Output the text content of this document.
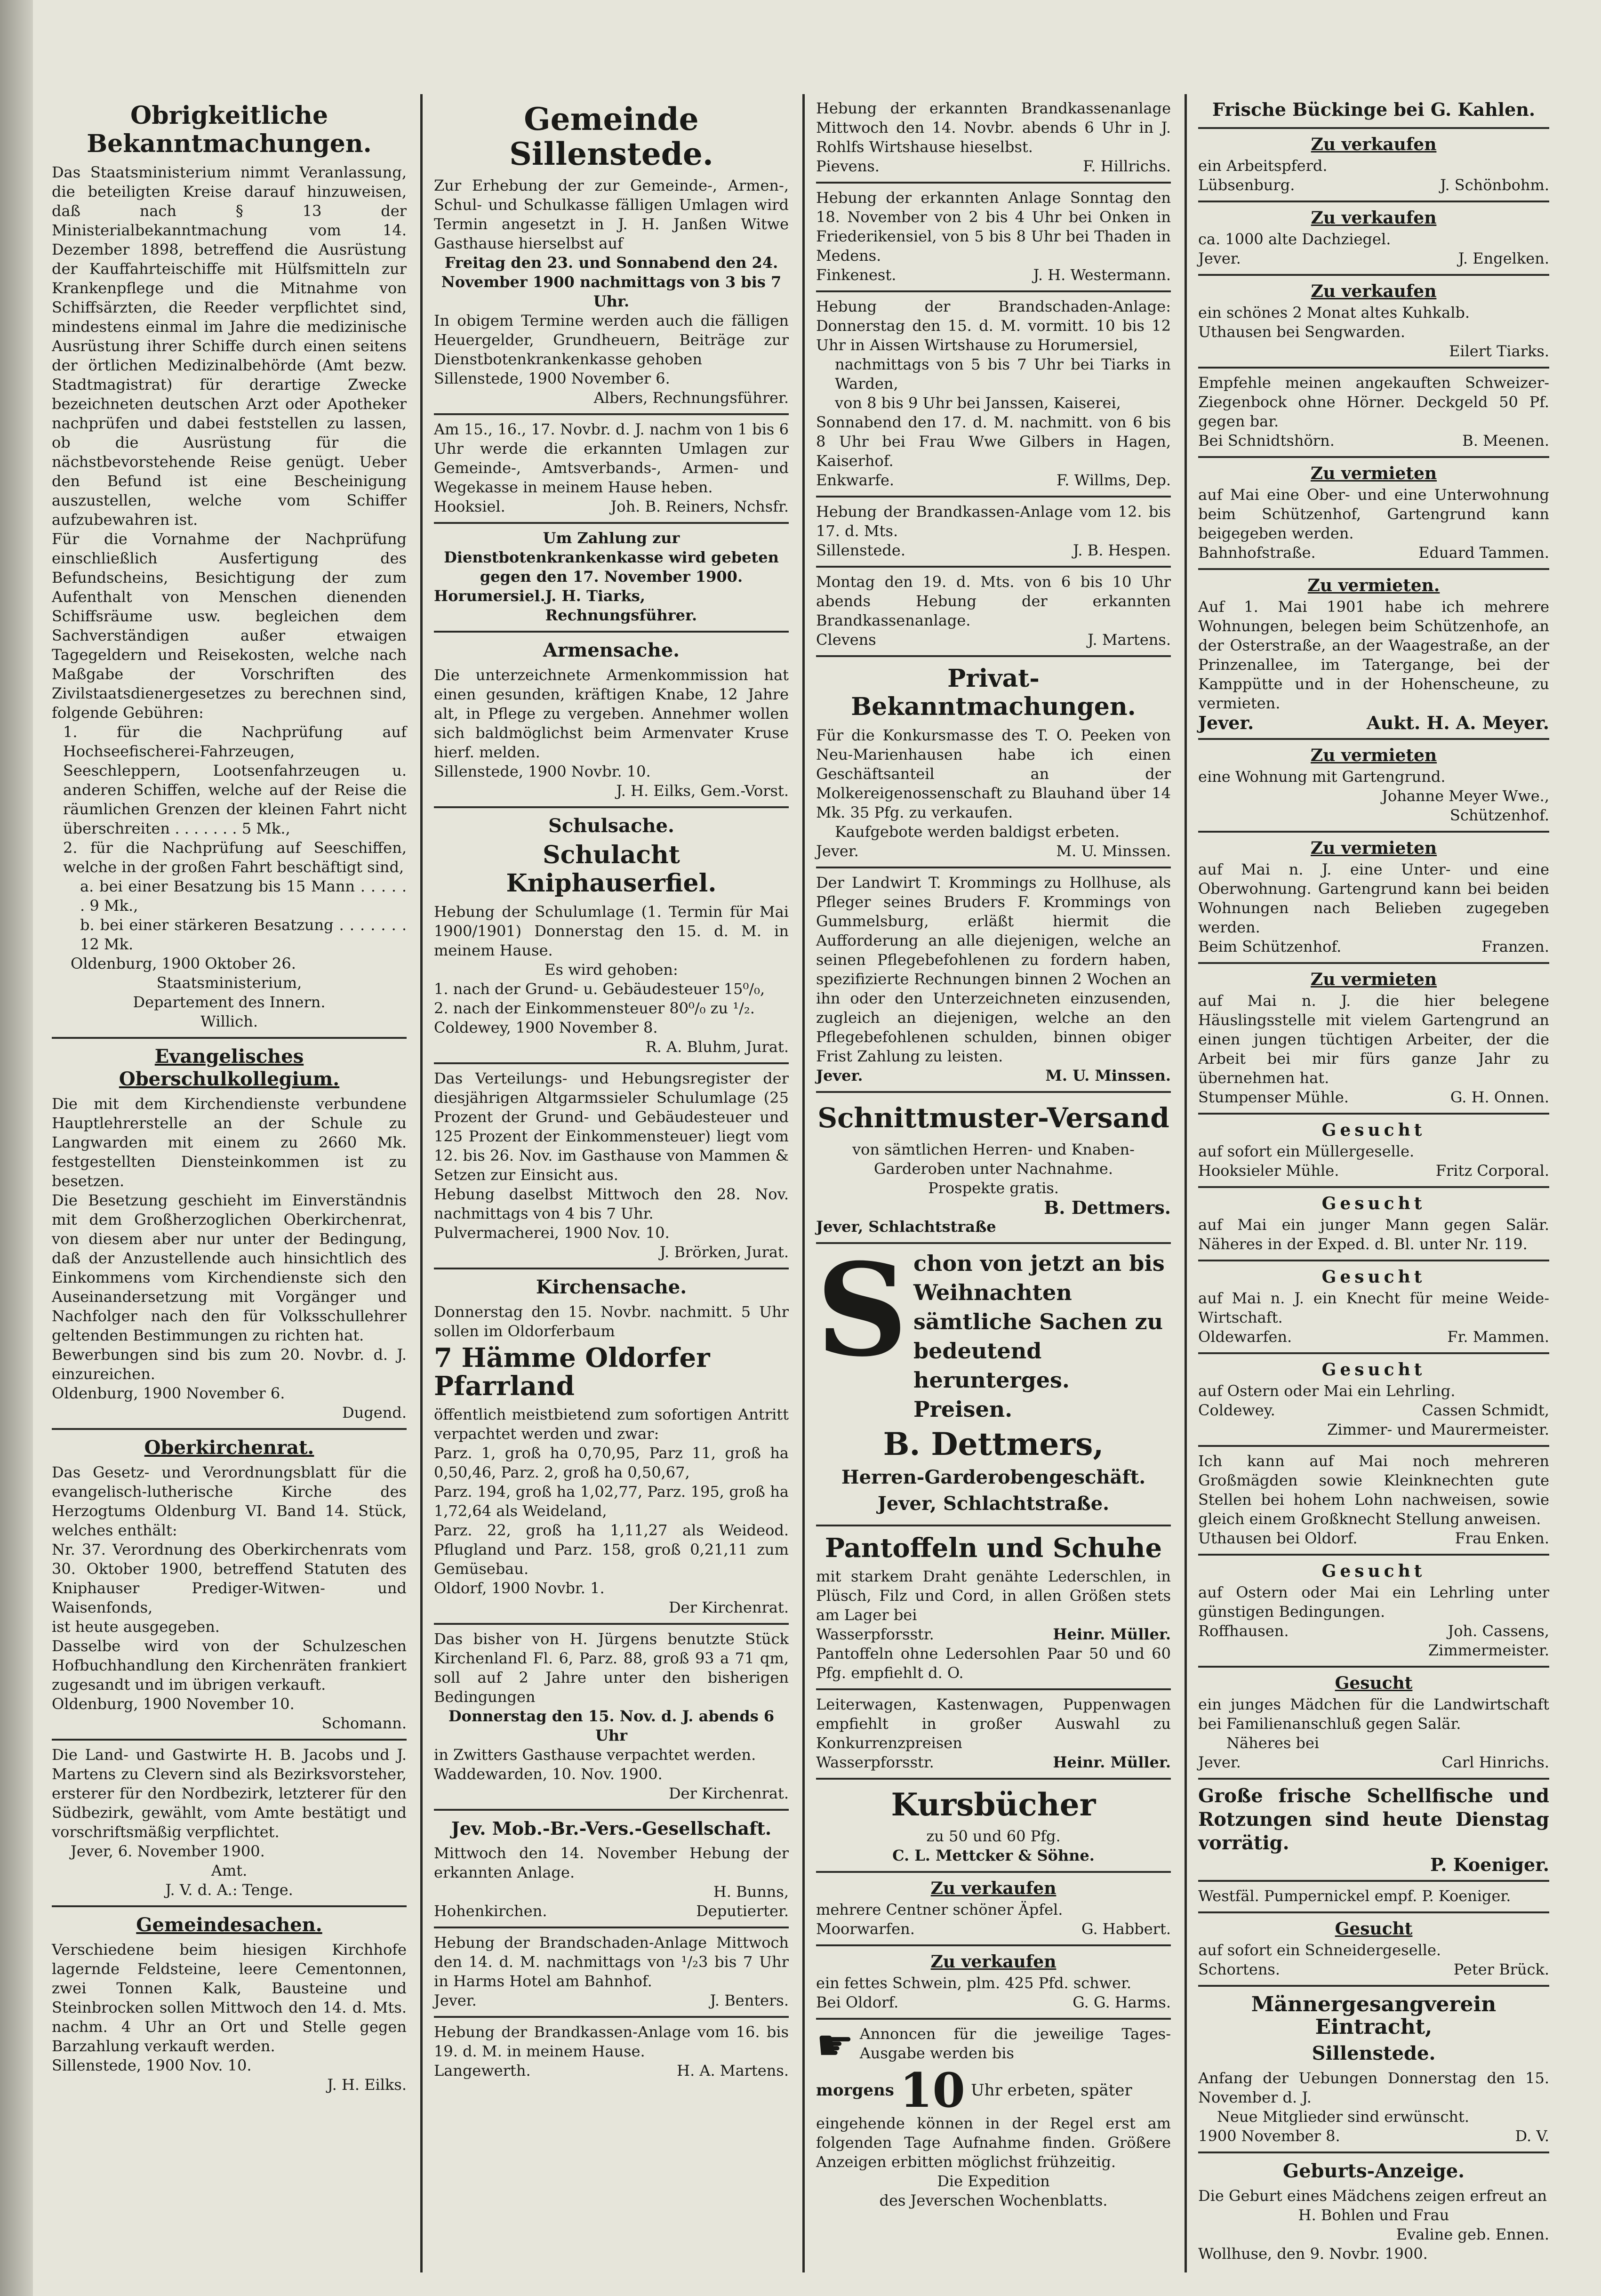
Obrigkeitliche Bekanntmachungen.

Das Staatsministerium nimmt Veranlassung, die beteiligten Kreise darauf hinzuweisen, daß nach § 13 der Ministerialbekanntmachung vom 14. Dezember 1898, betreffend die Ausrüstung der Kauffahrteischiffe mit Hülfsmitteln zur Krankenpflege und die Mitnahme von Schiffsärzten, die Reeder verpflichtet sind, mindestens einmal im Jahre die medizinische Ausrüstung ihrer Schiffe durch einen seitens der örtlichen Medizinalbehörde (Amt bezw. Stadtmagistrat) für derartige Zwecke bezeichneten deutschen Arzt oder Apotheker nachprüfen und dabei feststellen zu lassen, ob die Ausrüstung für die nächstbevorstehende Reise genügt. Ueber den Befund ist eine Bescheinigung auszustellen, welche vom Schiffer aufzubewahren ist.

Für die Vornahme der Nachprüfung einschließlich Ausfertigung des Befundscheins, Besichtigung der zum Aufenthalt von Menschen dienenden Schiffsräume usw. begleichen dem Sachverständigen außer etwaigen Tagegeldern und Reisekosten, welche nach Maßgabe der Vorschriften des Zivilstaatsdienergesetzes zu berechnen sind, folgende Gebühren:

1. für die Nachprüfung auf Hochseefischerei-Fahrzeugen, Seeschleppern, Lootsenfahrzeugen u. anderen Schiffen, welche auf der Reise die räumlichen Grenzen der kleinen Fahrt nicht überschreiten . . . . . . . 5 Mk.,

2. für die Nachprüfung auf Seeschiffen, welche in der großen Fahrt beschäftigt sind,

a. bei einer Besatzung bis 15 Mann . . . . . . 9 Mk.,

b. bei einer stärkeren Besatzung . . . . . . . 12 Mk.

Oldenburg, 1900 Oktober 26.

Staatsministerium,

Departement des Innern.

Willich.

Evangelisches Oberschulkollegium.

Die mit dem Kirchendienste verbundene Hauptlehrerstelle an der Schule zu Langwarden mit einem zu 2660 Mk. festgestellten Diensteinkommen ist zu besetzen.

Die Besetzung geschieht im Einverständnis mit dem Großherzoglichen Oberkirchenrat, von diesem aber nur unter der Bedingung, daß der Anzustellende auch hinsichtlich des Einkommens vom Kirchendienste sich den Auseinandersetzung mit Vorgänger und Nachfolger nach den für Volksschullehrer geltenden Bestimmungen zu richten hat.

Bewerbungen sind bis zum 20. Novbr. d. J. einzureichen.

Oldenburg, 1900 November 6.

Dugend.

Oberkirchenrat.

Das Gesetz- und Verordnungsblatt für die evangelisch-lutherische Kirche des Herzogtums Oldenburg VI. Band 14. Stück, welches enthält:

Nr. 37. Verordnung des Oberkirchenrats vom 30. Oktober 1900, betreffend Statuten des Kniphauser Prediger-Witwen- und Waisenfonds,

ist heute ausgegeben.

Dasselbe wird von der Schulzeschen Hofbuchhandlung den Kirchenräten frankiert zugesandt und im übrigen verkauft.

Oldenburg, 1900 November 10.

Schomann.

Die Land- und Gastwirte H. B. Jacobs und J. Martens zu Clevern sind als Bezirksvorsteher, ersterer für den Nordbezirk, letzterer für den Südbezirk, gewählt, vom Amte bestätigt und vorschriftsmäßig verpflichtet.

Jever, 6. November 1900.

Amt.

J. V. d. A.: Tenge.

Gemeindesachen.

Verschiedene beim hiesigen Kirchhofe lagernde Feldsteine, leere Cementonnen, zwei Tonnen Kalk, Bausteine und Steinbrocken sollen Mittwoch den 14. d. Mts. nachm. 4 Uhr an Ort und Stelle gegen Barzahlung verkauft werden.

Sillenstede, 1900 Nov. 10.

J. H. Eilks.

Gemeinde Sillenstede.

Zur Erhebung der zur Gemeinde-, Armen-, Schul- und Schulkasse fälligen Umlagen wird Termin angesetzt in J. H. Janßen Witwe Gasthause hierselbst auf

Freitag den 23. und Sonnabend den 24. November 1900 nachmittags von 3 bis 7 Uhr.

In obigem Termine werden auch die fälligen Heuergelder, Grundheuern, Beiträge zur Dienstbotenkrankenkasse gehoben

Sillenstede, 1900 November 6.

Albers, Rechnungsführer.

Am 15., 16., 17. Novbr. d. J. nachm von 1 bis 6 Uhr werde die erkannten Umlagen zur Gemeinde-, Amtsverbands-, Armen- und Wegekasse in meinem Hause heben.

Hooksiel.	Joh. B. Reiners, Nchsfr.

Um Zahlung zur Dienstbotenkrankenkasse wird gebeten gegen den 17. November 1900.

Horumersiel. J. H. Tiarks, Rechnungsführer.
Armensache.

Die unterzeichnete Armenkommission hat einen gesunden, kräftigen Knabe, 12 Jahre alt, in Pflege zu vergeben. Annehmer wollen sich baldmöglichst beim Armenvater Kruse hierf. melden.

Sillenstede, 1900 Novbr. 10.

J. H. Eilks, Gem.-Vorst.

Schulsache.
Schulacht Kniphauserfiel.

Hebung der Schulumlage (1. Termin für Mai 1900/1901) Donnerstag den 15. d. M. in meinem Hause.

Es wird gehoben:

1. nach der Grund- u. Gebäudesteuer 15⁰/₀,

2. nach der Einkommensteuer 80⁰/₀ zu ¹/₂.

Coldewey, 1900 November 8.

R. A. Bluhm, Jurat.

Das Verteilungs- und Hebungsregister der diesjährigen Altgarmssieler Schulumlage (25 Prozent der Grund- und Gebäudesteuer und 125 Prozent der Einkommensteuer) liegt vom 12. bis 26. Nov. im Gasthause von Mammen & Setzen zur Einsicht aus.

Hebung daselbst Mittwoch den 28. Nov. nachmittags von 4 bis 7 Uhr.

Pulvermacherei, 1900 Nov. 10.

J. Brörken, Jurat.

Kirchensache.

Donnerstag den 15. Novbr. nachmitt. 5 Uhr sollen im Oldorferbaum

7 Hämme Oldorfer Pfarrland

öffentlich meistbietend zum sofortigen Antritt verpachtet werden und zwar:

Parz. 1, groß ha 0,70,95, Parz 11, groß ha 0,50,46, Parz. 2, groß ha 0,50,67,

Parz. 194, groß ha 1,02,77, Parz. 195, groß ha 1,72,64 als Weideland,

Parz. 22, groß ha 1,11,27 als Weideod. Pflugland und Parz. 158, groß 0,21,11 zum Gemüsebau.

Oldorf, 1900 Novbr. 1.

Der Kirchenrat.

Das bisher von H. Jürgens benutzte Stück Kirchenland Fl. 6, Parz. 88, groß 93 a 71 qm, soll auf 2 Jahre unter den bisherigen Bedingungen

Donnerstag den 15. Nov. d. J. abends 6 Uhr

in Zwitters Gasthause verpachtet werden.

Waddewarden, 10. Nov. 1900.

Der Kirchenrat.

Jev. Mob.-Br.-Vers.-Gesellschaft.

Mittwoch den 14. November Hebung der erkannten Anlage.

H. Bunns,

Hohenkirchen.	Deputierter.

Hebung der Brandschaden-Anlage Mittwoch den 14. d. M. nachmittags von ¹/₂3 bis 7 Uhr in Harms Hotel am Bahnhof.

Jever.	J. Benters.

Hebung der Brandkassen-Anlage vom 16. bis 19. d. M. in meinem Hause.

Langewerth.	H. A. Martens.

Hebung der erkannten Brandkassenanlage Mittwoch den 14. Novbr. abends 6 Uhr in J. Rohlfs Wirtshause hieselbst.

Pievens.	F. Hillrichs.

Hebung der erkannten Anlage Sonntag den 18. November von 2 bis 4 Uhr bei Onken in Friederikensiel, von 5 bis 8 Uhr bei Thaden in Medens.

Finkenest.	J. H. Westermann.

Hebung der Brandschaden-Anlage: Donnerstag den 15. d. M. vormitt. 10 bis 12 Uhr in Aissen Wirtshause zu Horumersiel,

nachmittags von 5 bis 7 Uhr bei Tiarks in Warden,

von 8 bis 9 Uhr bei Janssen, Kaiserei,

Sonnabend den 17. d. M. nachmitt. von 6 bis 8 Uhr bei Frau Wwe Gilbers in Hagen, Kaiserhof.

Enkwarfe.	F. Willms, Dep.

Hebung der Brandkassen-Anlage vom 12. bis 17. d. Mts.

Sillenstede.	J. B. Hespen.

Montag den 19. d. Mts. von 6 bis 10 Uhr abends Hebung der erkannten Brandkassenanlage.

Clevens	J. Martens.
Privat-Bekanntmachungen.

Für die Konkursmasse des T. O. Peeken von Neu-Marienhausen habe ich einen Geschäftsanteil an der Molkereigenossenschaft zu Blauhand über 14 Mk. 35 Pfg. zu verkaufen.

Kaufgebote werden baldigst erbeten.

Jever.	M. U. Minssen.

Der Landwirt T. Krommings zu Hollhuse, als Pfleger seines Bruders F. Krommings von Gummelsburg, erläßt hiermit die Aufforderung an alle diejenigen, welche an seinen Pflegebefohlenen zu fordern haben, spezifizierte Rechnungen binnen 2 Wochen an ihn oder den Unterzeichneten einzusenden, zugleich an diejenigen, welche an den Pflegebefohlenen schulden, binnen obiger Frist Zahlung zu leisten.

Jever.	M. U. Minssen.
Schnittmuster-Versand

von sämtlichen Herren- und Knaben-Garderoben unter Nachnahme.

Prospekte gratis.

B. Dettmers.

Jever, Schlachtstraße

S chon von jetzt an bis Weihnachten sämtliche Sachen zu bedeutend herunterges. Preisen.

B. Dettmers,
Herren-Garderobengeschäft.
Jever, Schlachtstraße.
Pantoffeln und Schuhe

mit starkem Draht genähte Lederschlen, in Plüsch, Filz und Cord, in allen Größen stets am Lager bei

Wasserpforsstr.	Heinr. Müller.

Pantoffeln ohne Ledersohlen Paar 50 und 60 Pfg. empfiehlt d. O.

Leiterwagen, Kastenwagen, Puppenwagen empfiehlt in großer Auswahl zu Konkurrenzpreisen

Wasserpforsstr.	Heinr. Müller.
Kursbücher

zu 50 und 60 Pfg.

C. L. Mettcker & Söhne.

Zu verkaufen

mehrere Centner schöner Äpfel.

Moorwarfen.	G. Habbert.
Zu verkaufen

ein fettes Schwein, plm. 425 Pfd. schwer.

Bei Oldorf.	G. G. Harms.
☛ Annoncen für die jeweilige Tages-Ausgabe werden bis

morgens 10 Uhr erbeten, später

eingehende können in der Regel erst am folgenden Tage Aufnahme finden. Größere Anzeigen erbitten möglichst frühzeitig.

Die Expedition

des Jeverschen Wochenblatts.

Frische Bückinge bei G. Kahlen.
Zu verkaufen

ein Arbeitspferd.

Lübsenburg.	J. Schönbohm.
Zu verkaufen

ca. 1000 alte Dachziegel.

Jever.	J. Engelken.
Zu verkaufen

ein schönes 2 Monat altes Kuhkalb.

Uthausen bei Sengwarden.

Eilert Tiarks.

Empfehle meinen angekauften Schweizer-Ziegenbock ohne Hörner. Deckgeld 50 Pf. gegen bar.

Bei Schnidtshörn.	B. Meenen.
Zu vermieten

auf Mai eine Ober- und eine Unterwohnung beim Schützenhof, Gartengrund kann beigegeben werden.

Bahnhofstraße.	Eduard Tammen.
Zu vermieten.

Auf 1. Mai 1901 habe ich mehrere Wohnungen, belegen beim Schützenhofe, an der Osterstraße, an der Waagestraße, an der Prinzenallee, im Tatergange, bei der Kamppütte und in der Hohenscheune, zu vermieten.

Jever.	Aukt. H. A. Meyer.
Zu vermieten

eine Wohnung mit Gartengrund.

Johanne Meyer Wwe.,

Schützenhof.

Zu vermieten

auf Mai n. J. eine Unter- und eine Oberwohnung. Gartengrund kann bei beiden Wohnungen nach Belieben zugegeben werden.

Beim Schützenhof.	Franzen.
Zu vermieten

auf Mai n. J. die hier belegene Häuslingsstelle mit vielem Gartengrund an einen jungen tüchtigen Arbeiter, der die Arbeit bei mir fürs ganze Jahr zu übernehmen hat.

Stumpenser Mühle.	G. H. Onnen.
Gesucht

auf sofort ein Müllergeselle.

Hooksieler Mühle.	Fritz Corporal.
Gesucht

auf Mai ein junger Mann gegen Salär. Näheres in der Exped. d. Bl. unter Nr. 119.

Gesucht

auf Mai n. J. ein Knecht für meine Weide-Wirtschaft.

Oldewarfen.	Fr. Mammen.
Gesucht

auf Ostern oder Mai ein Lehrling.

Coldewey.	Cassen Schmidt,

Zimmer- und Maurermeister.

Ich kann auf Mai noch mehreren Großmägden sowie Kleinknechten gute Stellen bei hohem Lohn nachweisen, sowie gleich einem Großknecht Stellung anweisen.

Uthausen bei Oldorf.	Frau Enken.
Gesucht

auf Ostern oder Mai ein Lehrling unter günstigen Bedingungen.

Roffhausen.	Joh. Cassens,

Zimmermeister.

Gesucht

ein junges Mädchen für die Landwirtschaft bei Familienanschluß gegen Salär.

Näheres bei

Jever.	Carl Hinrichs.

Große frische Schellfische und Rotzungen sind heute Dienstag vorrätig.

P. Koeniger.

Westfäl. Pumpernickel empf. P. Koeniger.

Gesucht

auf sofort ein Schneidergeselle.

Schortens.	Peter Brück.
Männergesangverein Eintracht,
Sillenstede.

Anfang der Uebungen Donnerstag den 15. November d. J.

Neue Mitglieder sind erwünscht.

1900 November 8.	D. V.
Geburts-Anzeige.

Die Geburt eines Mädchens zeigen erfreut an

H. Bohlen und Frau

Evaline geb. Ennen.

Wollhuse, den 9. Novbr. 1900.
